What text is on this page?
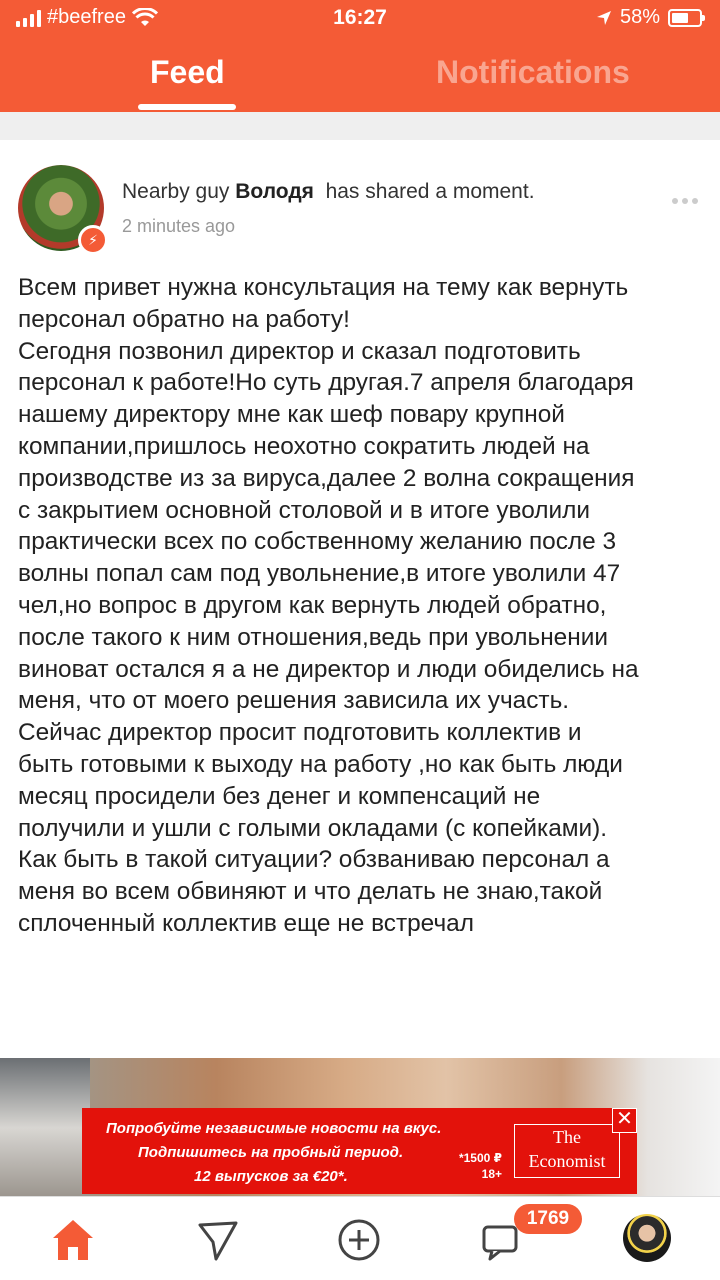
#beefree	16:27	58%
Feed	Notifications
⚡
Nearby guy Володя has shared a moment.
2 minutes ago
Всем привет нужна консультация на тему как вернуть
персонал обратно на работу!
Сегодня позвонил директор и сказал подготовить
персонал к работе!Но суть другая.7 апреля благодаря
нашему директору мне как шеф повару крупной
компании,пришлось неохотно сократить людей на
производстве из за вируса,далее 2 волна сокращения
с закрытием основной столовой и в итоге уволили
практически всех по собственному желанию после 3
волны попал сам под увольнение,в итоге уволили 47
чел,но вопрос в другом как вернуть людей обратно,
после такого к ним отношения,ведь при увольнении
виноват остался я а не директор и люди обиделись на
меня, что от моего решения зависила их участь.
Сейчас директор просит подготовить коллектив и
быть готовыми к выходу на работу ,но как быть люди
месяц просидели без денег и компенсаций не
получили и ушли с голыми окладами (с копейками).
Как быть в такой ситуации? обзваниваю персонал а
меня во всем обвиняют и что делать не знаю,такой
сплоченный коллектив еще не встречал
Попробуйте независимые новости на вкус.
Подпишитесь на пробный период.
12 выпусков за €20*.
*1500 ₽
18+
The
Economist
✕
1769
